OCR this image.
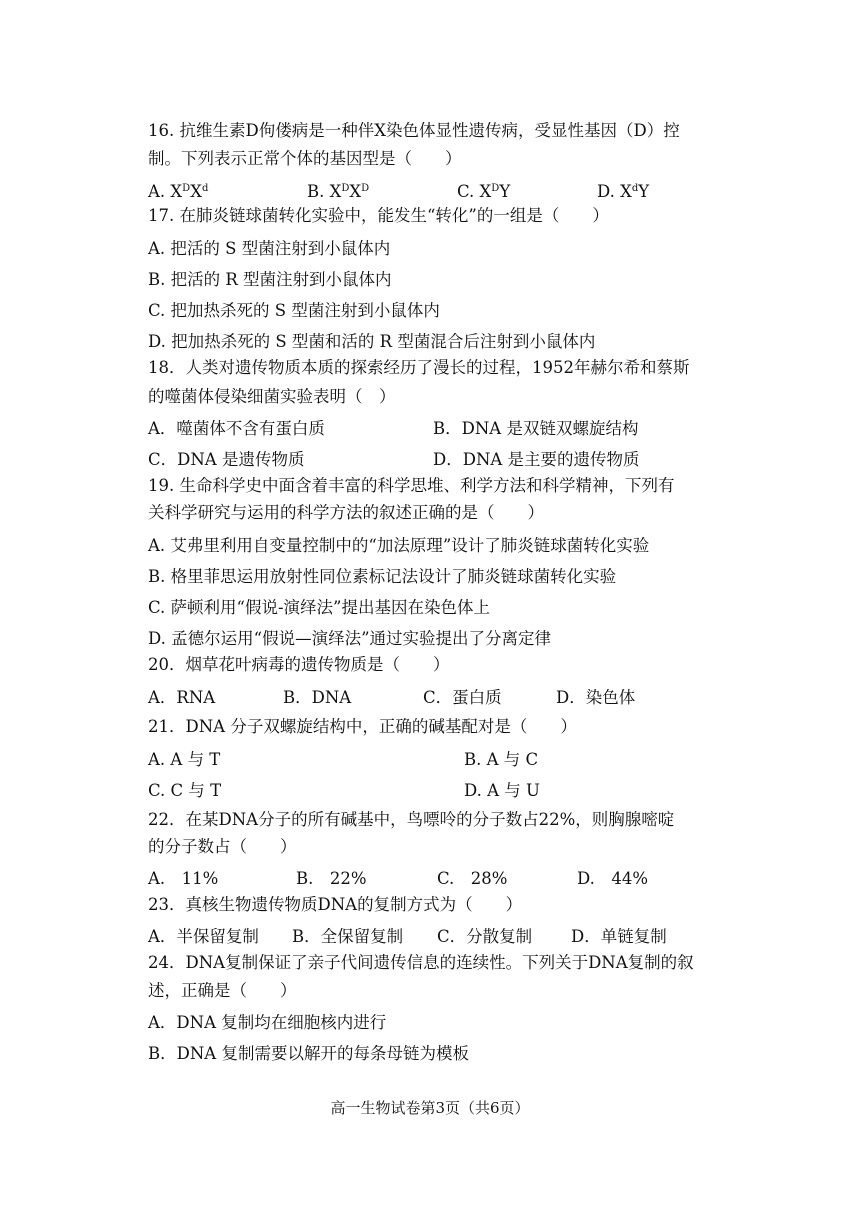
16. 抗维生素D佝偻病是一种伴X染色体显性遗传病，受显性基因（D）控
制。下列表示正常个体的基因型是（　　）
A. $X^DX^d$	B. $X^DX^D$	C. $X^DY$	D. $X^dY$
17. 在肺炎链球菌转化实验中，能发生“转化”的一组是（　　）
A. 把活的 S 型菌注射到小鼠体内
B. 把活的 R 型菌注射到小鼠体内
C. 把加热杀死的 S 型菌注射到小鼠体内
D. 把加热杀死的 S 型菌和活的 R 型菌混合后注射到小鼠体内
18．人类对遗传物质本质的探索经历了漫长的过程，1952年赫尔希和蔡斯
的噬菌体侵染细菌实验表明（　）
A．噬菌体不含有蛋白质	B．DNA 是双链双螺旋结构
C．DNA 是遗传物质	D．DNA 是主要的遗传物质
19. 生命科学史中面含着丰富的科学思堆、利学方法和科学精神，下列有
关科学研究与运用的科学方法的叙述正确的是（　　）
A. 艾弗里利用自变量控制中的“加法原理”设计了肺炎链球菌转化实验
B. 格里菲思运用放射性同位素标记法设计了肺炎链球菌转化实验
C. 萨顿利用“假说-演绎法”提出基因在染色体上
D. 孟德尔运用“假说—演绎法”通过实验提出了分离定律
20．烟草花叶病毒的遗传物质是（　　）
A．RNA	B．DNA	C．蛋白质	D．染色体
21．DNA 分子双螺旋结构中，正确的碱基配对是（　　）
A. A 与 T	B. A 与 C
C. C 与 T	D. A 与 U
22．在某DNA分子的所有碱基中，鸟嘌呤的分子数占22%，则胸腺嘧啶
的分子数占（　　）
A.　11%	B.　22%	C.　28%	D.　44%
23．真核生物遗传物质DNA的复制方式为（　　）
A．半保留复制 B．全保留复制 C．分散复制 D．单链复制
24．DNA复制保证了亲子代间遗传信息的连续性。下列关于DNA复制的叙
述，正确是（　　）
A．DNA 复制均在细胞核内进行
B．DNA 复制需要以解开的每条母链为模板
高一生物试卷第3页（共6页）
